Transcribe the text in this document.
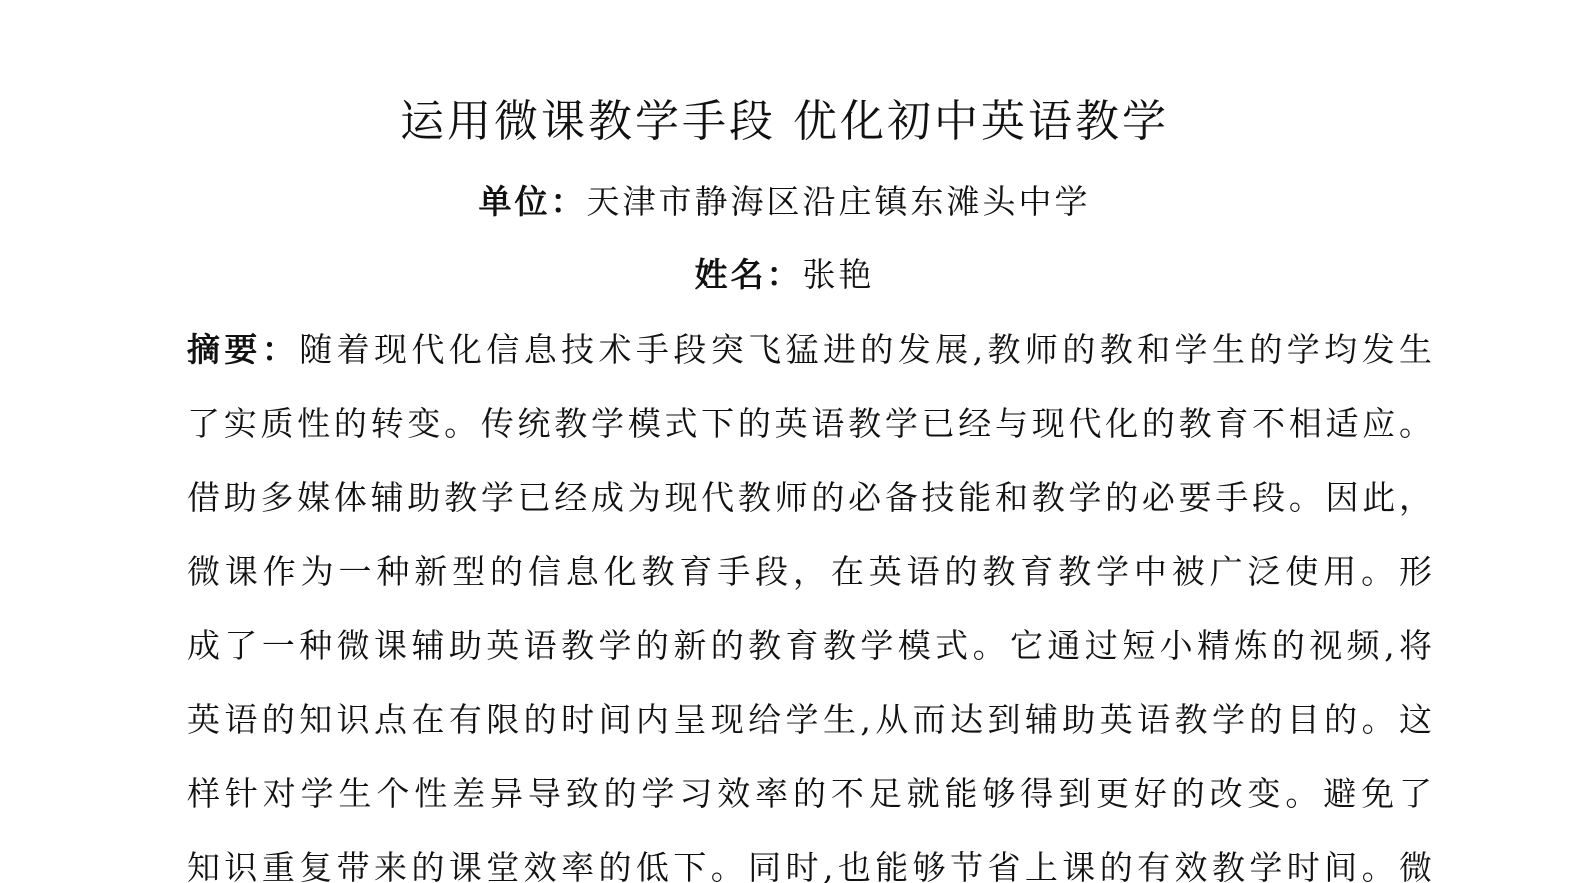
运用微课教学手段 优化初中英语教学
单位：天津市静海区沿庄镇东滩头中学
姓名：张艳
摘要：随着现代化信息技术手段突飞猛进的发展,教师的教和学生的学均发生
了实质性的转变。传统教学模式下的英语教学已经与现代化的教育不相适应。
借助多媒体辅助教学已经成为现代教师的必备技能和教学的必要手段。因此，
微课作为一种新型的信息化教育手段，在英语的教育教学中被广泛使用。形
成了一种微课辅助英语教学的新的教育教学模式。它通过短小精炼的视频,将
英语的知识点在有限的时间内呈现给学生,从而达到辅助英语教学的目的。这
样针对学生个性差异导致的学习效率的不足就能够得到更好的改变。避免了
知识重复带来的课堂效率的低下。同时,也能够节省上课的有效教学时间。微
